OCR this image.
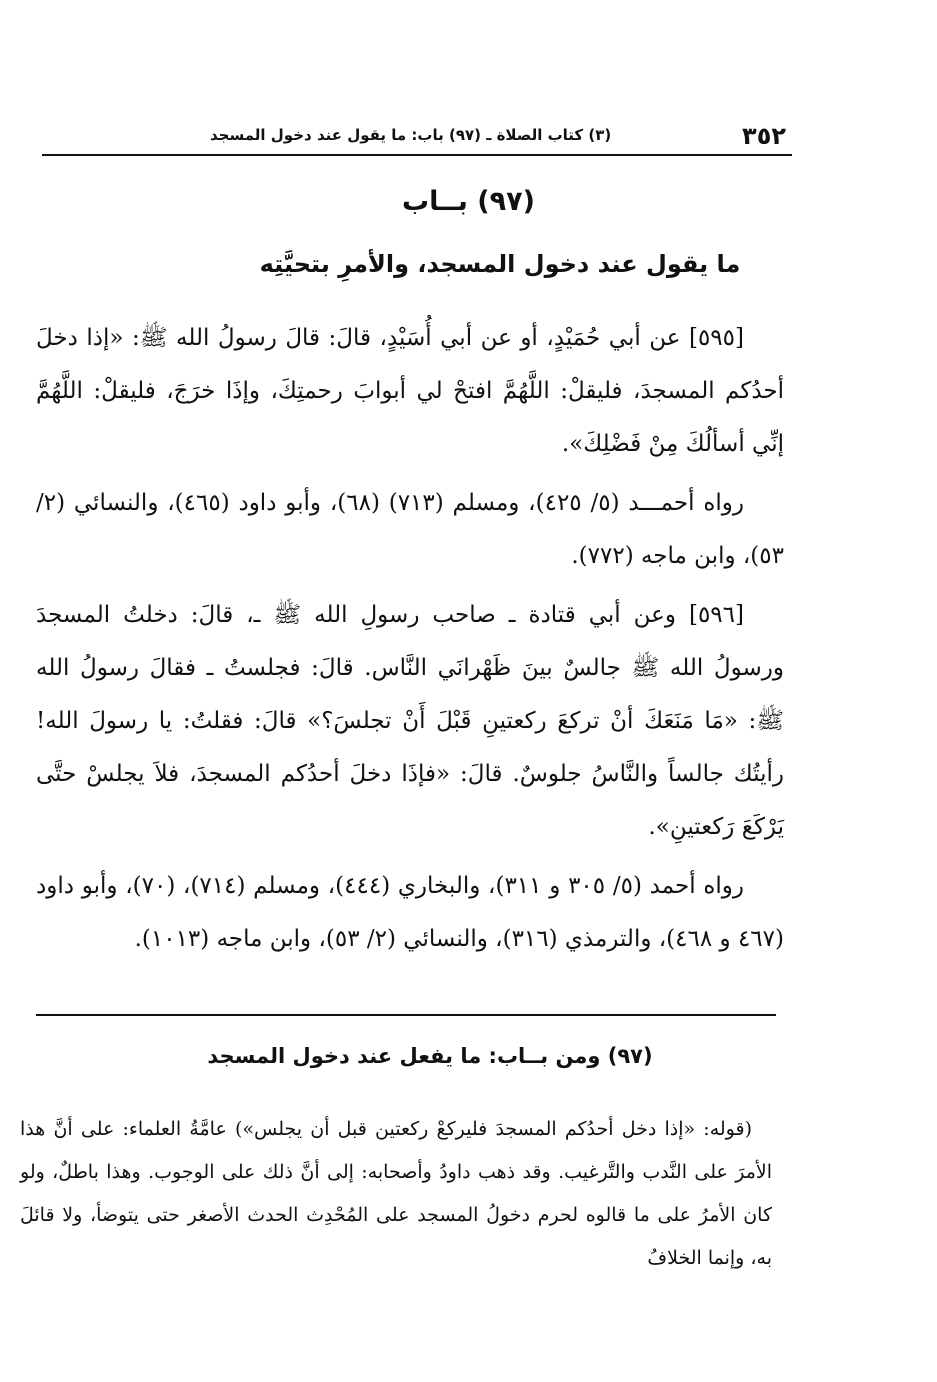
٣٥٢
(٣) كتاب الصلاة ـ (٩٧) باب: ما يقول عند دخول المسجد
(٩٧) بــاب
ما يقول عند دخول المسجد، والأمرِ بتحيَّتِه

[٥٩٥] عن أبي حُمَيْدٍ، أو عن أبي أُسَيْدٍ، قالَ: قالَ رسولُ الله ﷺ: «إذا دخلَ أحدُكم المسجدَ، فليقلْ: اللَّهُمَّ افتحْ لي أبوابَ رحمتِكَ، وإذَا خرَجَ، فليقلْ: اللَّهُمَّ إنِّي أسألُكَ مِنْ فَضْلِكَ».

رواه أحمـــد (٥/ ٤٢٥)، ومسلم (٧١٣) (٦٨)، وأبو داود (٤٦٥)، والنسائي (٢/ ٥٣)، وابن ماجه (٧٧٢).

[٥٩٦] وعن أبي قتادة ـ صاحب رسولِ الله ﷺ ـ، قالَ: دخلتُ المسجدَ ورسولُ الله ﷺ جالسٌ بينَ ظَهْرانَي النَّاس. قالَ: فجلستُ ـ فقالَ رسولُ الله ﷺ: «مَا مَنَعَكَ أنْ تركعَ ركعتينِ قَبْلَ أَنْ تجلسَ؟» قالَ: فقلتُ: يا رسولَ الله! رأيتُك جالساً والنَّاسُ جلوسٌ. قالَ: «فإذَا دخلَ أحدُكم المسجدَ، فلاَ يجلسْ حتَّى يَرْكَعَ رَكعتينِ».

رواه أحمد (٥/ ٣٠٥ و ٣١١)، والبخاري (٤٤٤)، ومسلم (٧١٤)، (٧٠)، وأبو داود (٤٦٧ و ٤٦٨)، والترمذي (٣١٦)، والنسائي (٢/ ٥٣)، وابن ماجه (١٠١٣).

(٩٧) ومن بــاب: ما يفعل عند دخول المسجد

(قوله: «إذا دخل أحدُكم المسجدَ فليركعْ ركعتين قبل أن يجلس») عامَّةُ العلماء: على أنَّ هذا الأمرَ على النَّدب والتَّرغيب. وقد ذهب داودُ وأصحابه: إلى أنَّ ذلك على الوجوب. وهذا باطلٌ، ولو كان الأمرُ على ما قالوه لحرم دخولُ المسجد على المُحْدِث الحدث الأصغر حتى يتوضأ، ولا قائلَ به، وإنما الخلافُ
